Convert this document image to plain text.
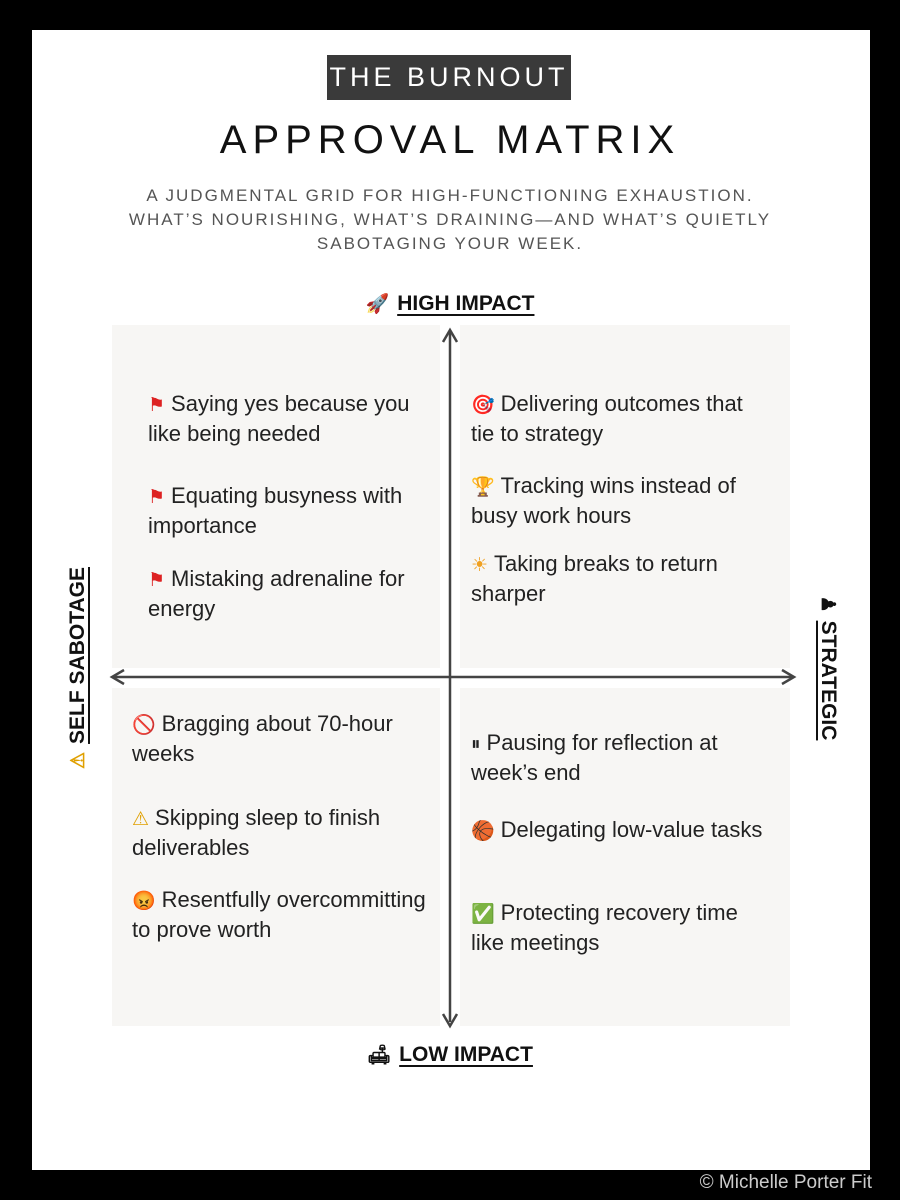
THE BURNOUT
APPROVAL MATRIX
A JUDGMENTAL GRID FOR HIGH-FUNCTIONING EXHAUSTION. WHAT’S NOURISHING, WHAT’S DRAINING—AND WHAT’S QUIETLY SABOTAGING YOUR WEEK.
🚀 HIGH IMPACT
⚑ Saying yes because you like being needed
⚑ Equating busyness with importance
⚑ Mistaking adrenaline for energy
🎯 Delivering outcomes that tie to strategy
🏆 Tracking wins instead of busy work hours
☀ Taking breaks to return sharper
🚫 Bragging about 70-hour weeks
⚠ Skipping sleep to finish deliverables
😡 Resentfully overcommitting to prove worth
⏸ Pausing for reflection at week’s end
🏀 Delegating low-value tasks
✅ Protecting recovery time like meetings
🛋 LOW IMPACT
⚠SELF SABOTAGE	♟STRATEGIC
© Michelle Porter Fit
